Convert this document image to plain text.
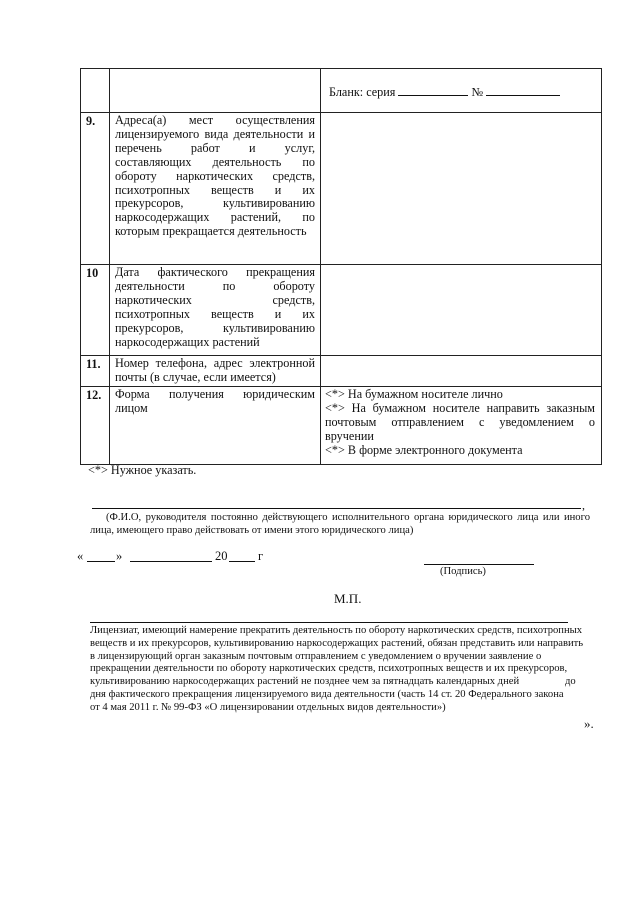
		Бланк: серия №
9.	Адреса(а) мест осуществления лицензируемого вида деятельности и перечень работ и услуг, составляющих деятельность по обороту наркотических средств, психотропных веществ и их прекурсоров, культивированию наркосодержащих растений, по которым прекращается деятельность	
10	Дата фактического прекращения деятельности по обороту наркотических средств, психотропных веществ и их прекурсоров, культивированию наркосодержащих растений	
11.	Номер телефона, адрес электронной почты (в случае, если имеется)	
12.	Форма получения юридическим лицом	<*> На бумажном носителе лично
<*> На бумажном носителе направить заказным почтовым отправлением с уведомлением о вручении
<*> В форме электронного документа
<*> Нужное указать.
,
(Ф.И.О, руководителя постоянно действующего исполнительного органа юридического лица или иного лица, имеющего право действовать от имени этого юридического лица)
«	»	20 г
(Подпись)
М.П.
Лицензиат, имеющий намерение прекратить деятельность по обороту наркотических средств, психотропных
веществ и их прекурсоров, культивированию наркосодержащих растений, обязан представить или направить
в лицензирующий орган заказным почтовым отправлением с уведомлением о вручении заявление о
прекращении деятельности по обороту наркотических средств, психотропных веществ и их прекурсоров,
культивированию наркосодержащих растений не позднее чем за пятнадцать календарных дней
дня фактического прекращения лицензируемого вида деятельности (часть 14 ст. 20 Федерального закона
от 4 мая 2011 г. № 99-ФЗ «О лицензировании отдельных видов деятельности»)
до
».
